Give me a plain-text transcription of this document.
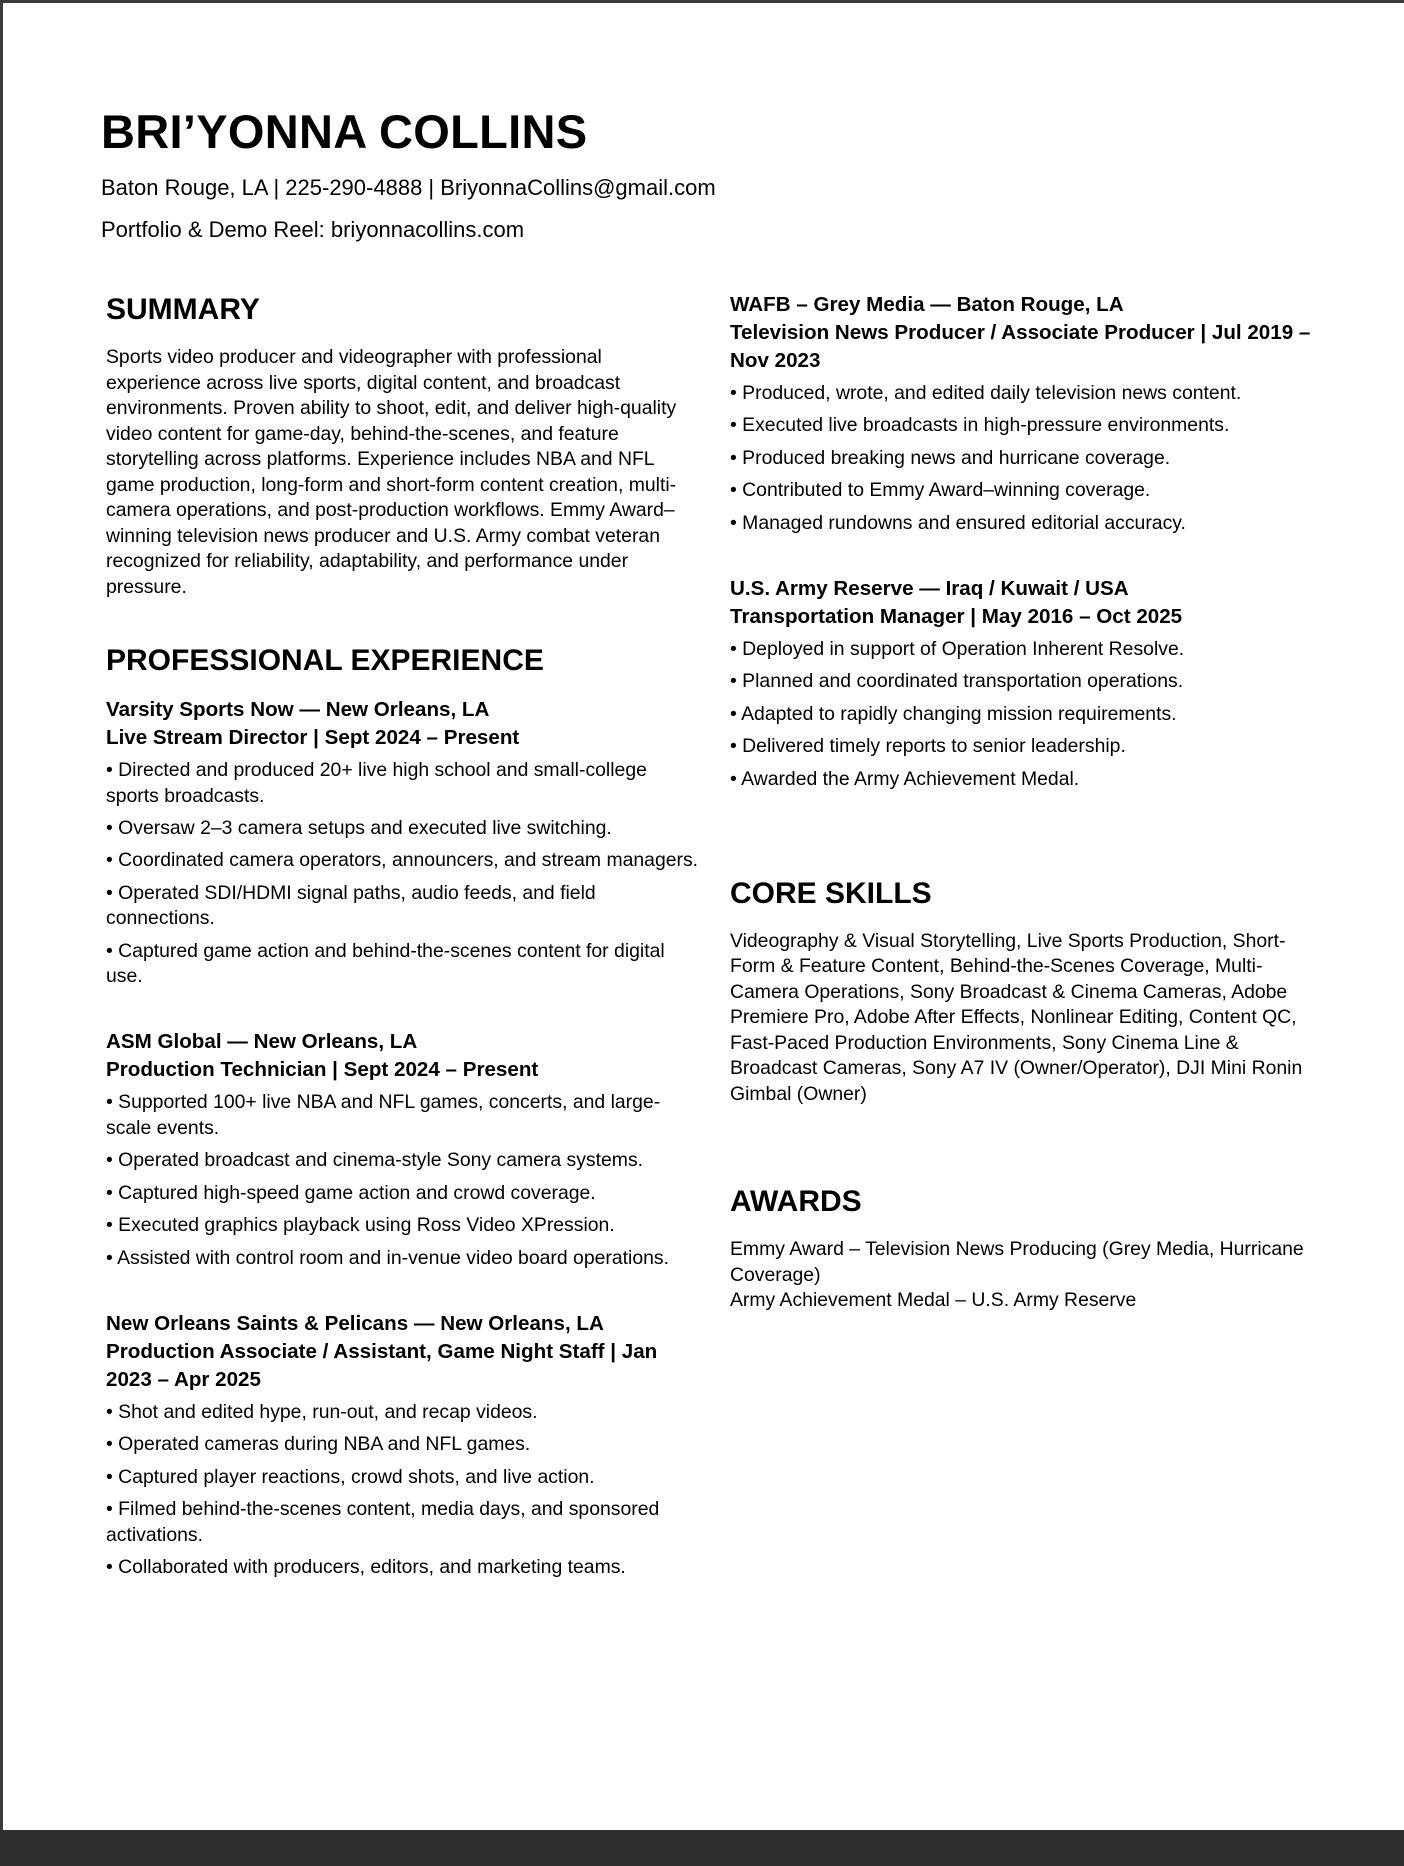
BRI’YONNA COLLINS
Baton Rouge, LA | 225-290-4888 | BriyonnaCollins@gmail.com
Portfolio & Demo Reel: briyonnacollins.com
SUMMARY

Sports video producer and videographer with professional experience across live sports, digital content, and broadcast environments. Proven ability to shoot, edit, and deliver high-quality video content for game-day, behind-the-scenes, and feature storytelling across platforms. Experience includes NBA and NFL game production, long-form and short-form content creation, multi-camera operations, and post-production workflows. Emmy Award–winning television news producer and U.S. Army combat veteran recognized for reliability, adaptability, and performance under pressure.

PROFESSIONAL EXPERIENCE
Varsity Sports Now — New Orleans, LA
Live Stream Director | Sept 2024 – Present
• Directed and produced 20+ live high school and small-college sports broadcasts.
• Oversaw 2–3 camera setups and executed live switching.
• Coordinated camera operators, announcers, and stream managers.
• Operated SDI/HDMI signal paths, audio feeds, and field connections.
• Captured game action and behind-the-scenes content for digital use.
ASM Global — New Orleans, LA
Production Technician | Sept 2024 – Present
• Supported 100+ live NBA and NFL games, concerts, and large-scale events.
• Operated broadcast and cinema-style Sony camera systems.
• Captured high-speed game action and crowd coverage.
• Executed graphics playback using Ross Video XPression.
• Assisted with control room and in-venue video board operations.
New Orleans Saints & Pelicans — New Orleans, LA
Production Associate / Assistant, Game Night Staff | Jan 2023 – Apr 2025
• Shot and edited hype, run-out, and recap videos.
• Operated cameras during NBA and NFL games.
• Captured player reactions, crowd shots, and live action.
• Filmed behind-the-scenes content, media days, and sponsored activations.
• Collaborated with producers, editors, and marketing teams.
WAFB – Grey Media — Baton Rouge, LA
Television News Producer / Associate Producer | Jul 2019 – Nov 2023
• Produced, wrote, and edited daily television news content.
• Executed live broadcasts in high-pressure environments.
• Produced breaking news and hurricane coverage.
• Contributed to Emmy Award–winning coverage.
• Managed rundowns and ensured editorial accuracy.
U.S. Army Reserve — Iraq / Kuwait / USA
Transportation Manager | May 2016 – Oct 2025
• Deployed in support of Operation Inherent Resolve.
• Planned and coordinated transportation operations.
• Adapted to rapidly changing mission requirements.
• Delivered timely reports to senior leadership.
• Awarded the Army Achievement Medal.
CORE SKILLS

Videography & Visual Storytelling, Live Sports Production, Short-Form & Feature Content, Behind-the-Scenes Coverage, Multi-Camera Operations, Sony Broadcast & Cinema Cameras, Adobe Premiere Pro, Adobe After Effects, Nonlinear Editing, Content QC, Fast-Paced Production Environments, Sony Cinema Line & Broadcast Cameras, Sony A7 IV (Owner/Operator), DJI Mini Ronin Gimbal (Owner)

AWARDS
Emmy Award – Television News Producing (Grey Media, Hurricane Coverage)
Army Achievement Medal – U.S. Army Reserve
